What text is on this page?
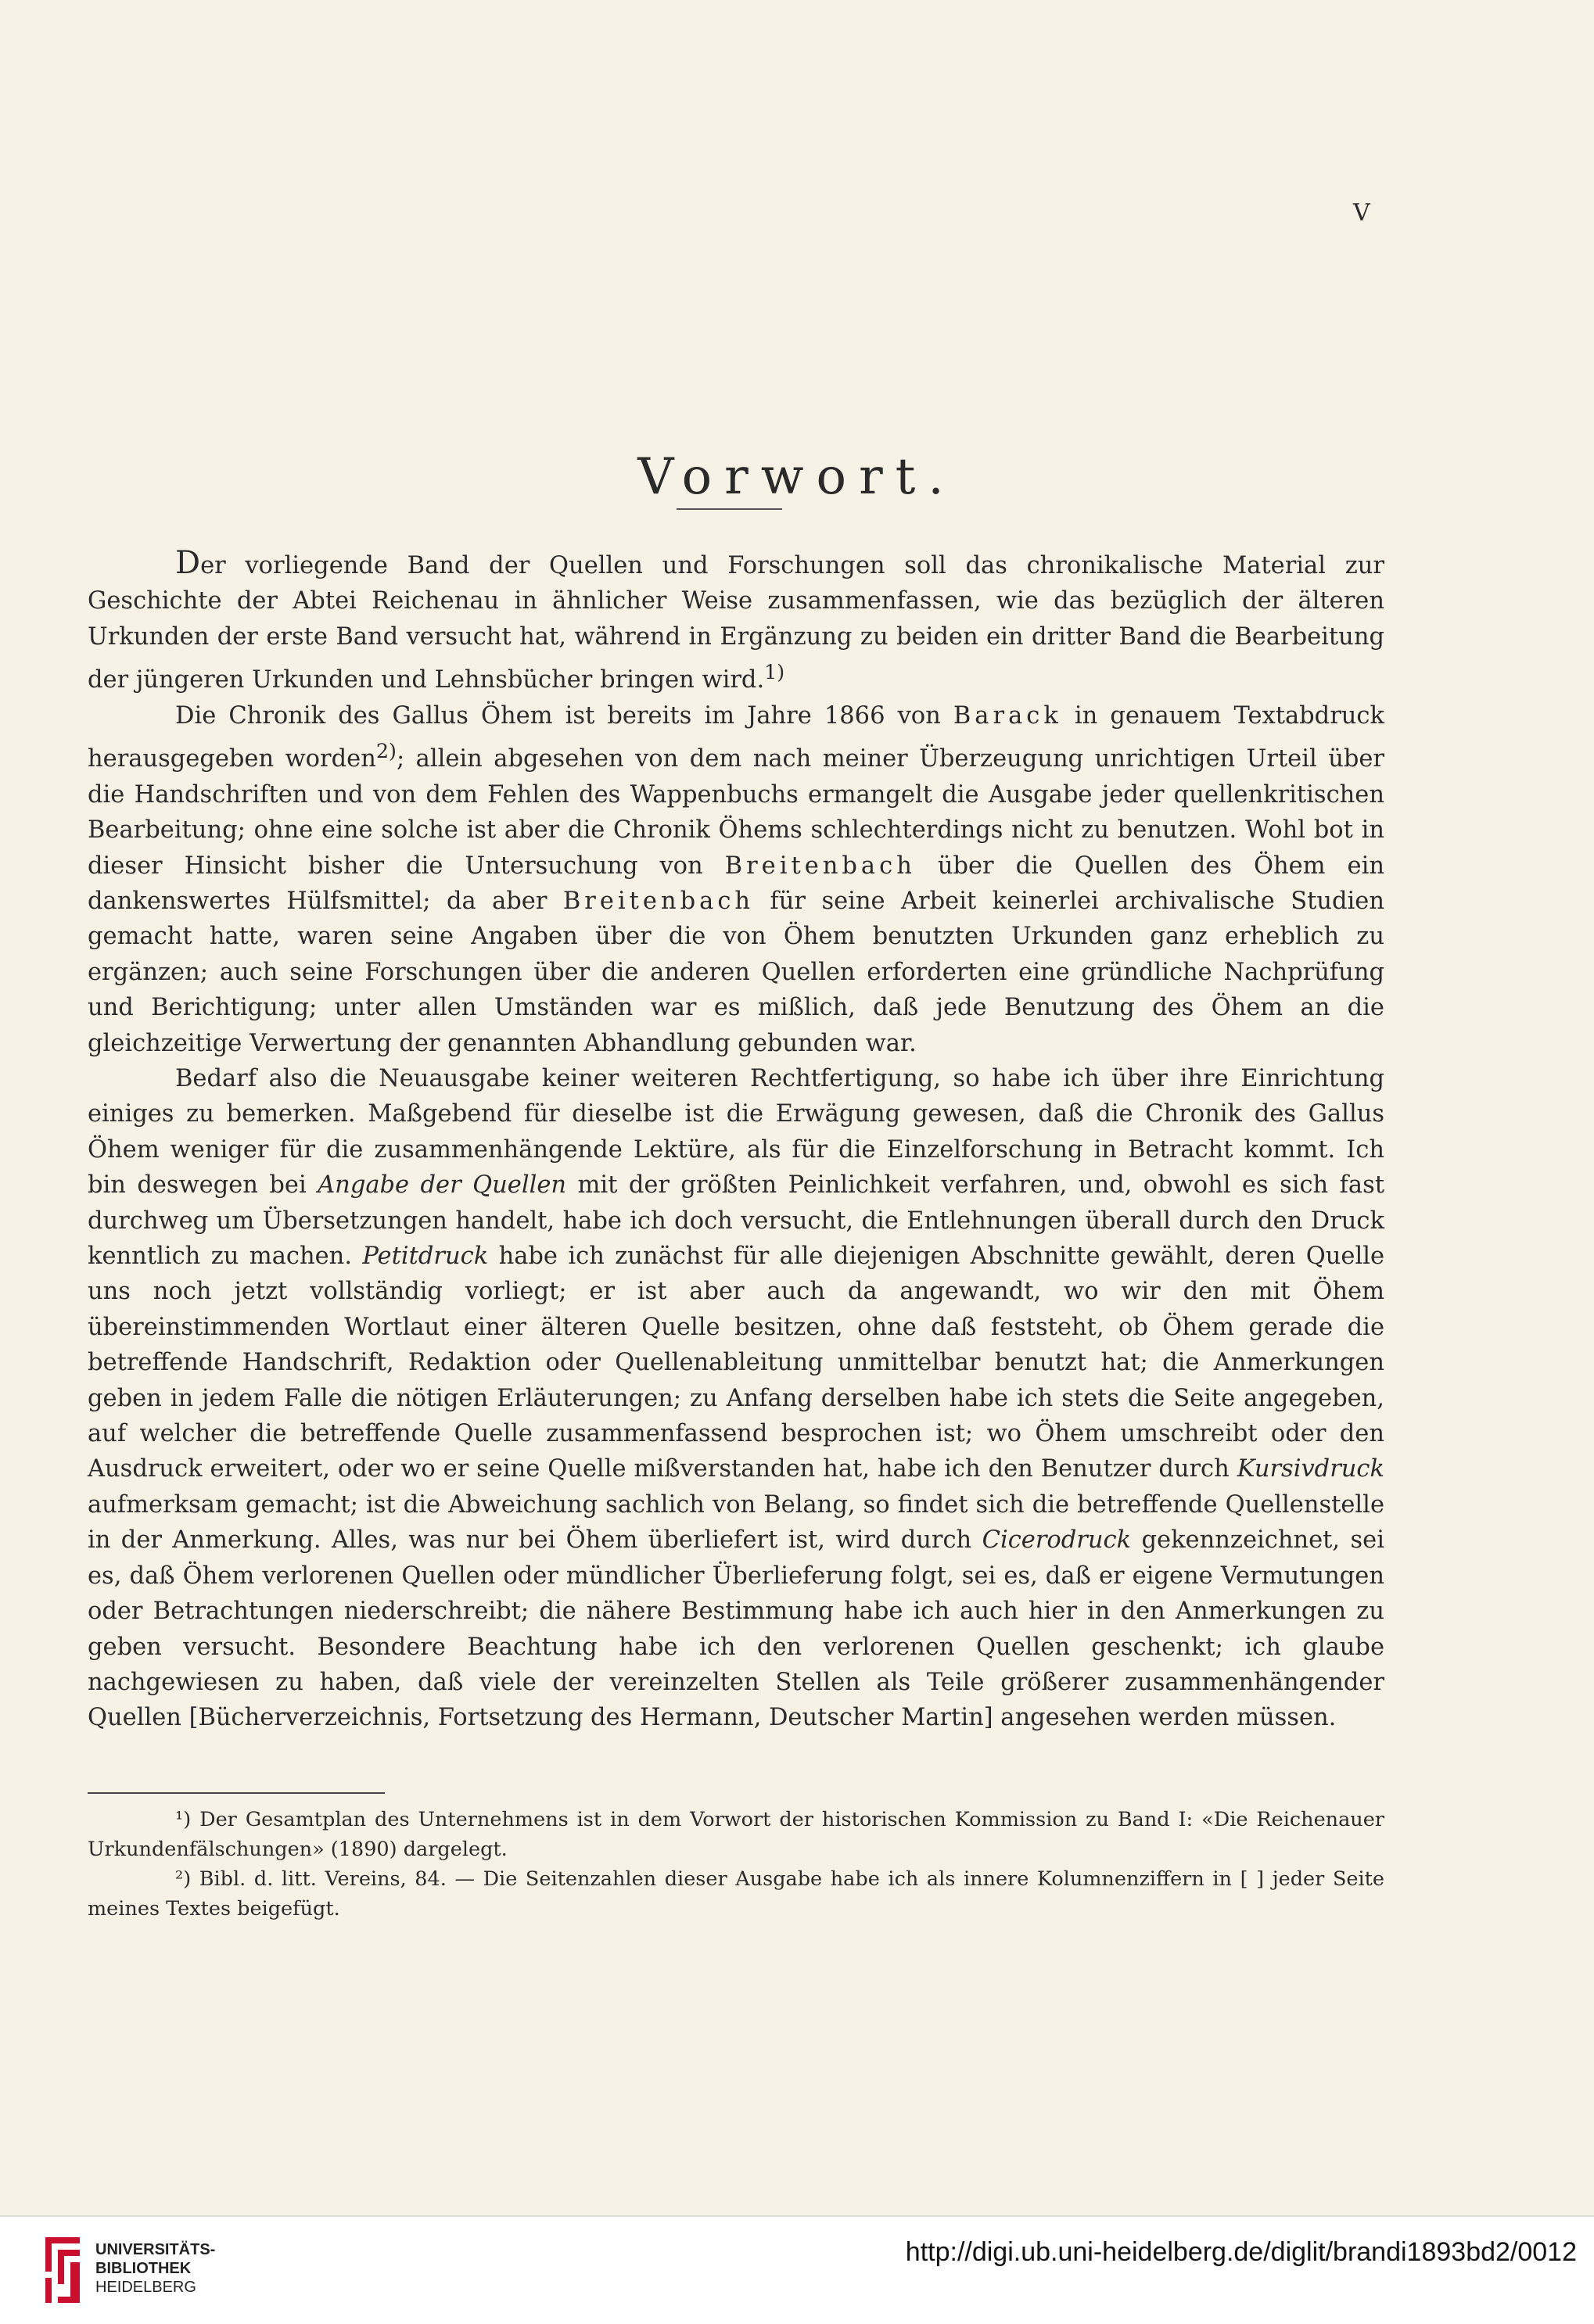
V
Vorwort.

Der vorliegende Band der Quellen und Forschungen soll das chronikalische Material zur Geschichte der Abtei Reichenau in ähnlicher Weise zusammenfassen, wie das bezüglich der älteren Urkunden der erste Band versucht hat, während in Ergänzung zu beiden ein dritter Band die Bearbeitung der jüngeren Urkunden und Lehnsbücher bringen wird.$^{1)}$

Die Chronik des Gallus Öhem ist bereits im Jahre 1866 von Barack in genauem Textabdruck herausgegeben worden$^{2)}$; allein abgesehen von dem nach meiner Überzeugung unrichtigen Urteil über die Handschriften und von dem Fehlen des Wappenbuchs ermangelt die Ausgabe jeder quellenkritischen Bearbeitung; ohne eine solche ist aber die Chronik Öhems schlechterdings nicht zu benutzen. Wohl bot in dieser Hinsicht bisher die Untersuchung von Breitenbach über die Quellen des Öhem ein dankenswertes Hülfsmittel; da aber Breitenbach für seine Arbeit keinerlei archivalische Studien gemacht hatte, waren seine Angaben über die von Öhem benutzten Urkunden ganz erheblich zu ergänzen; auch seine Forschungen über die anderen Quellen erforderten eine gründliche Nachprüfung und Berichtigung; unter allen Umständen war es mißlich, daß jede Benutzung des Öhem an die gleichzeitige Verwertung der genannten Abhandlung gebunden war.

Bedarf also die Neuausgabe keiner weiteren Rechtfertigung, so habe ich über ihre Einrichtung einiges zu bemerken. Maßgebend für dieselbe ist die Erwägung gewesen, daß die Chronik des Gallus Öhem weniger für die zusammenhängende Lektüre, als für die Einzelforschung in Betracht kommt. Ich bin deswegen bei Angabe der Quellen mit der größten Peinlichkeit verfahren, und, obwohl es sich fast durchweg um Übersetzungen handelt, habe ich doch versucht, die Entlehnungen überall durch den Druck kenntlich zu machen. Petitdruck habe ich zunächst für alle diejenigen Abschnitte gewählt, deren Quelle uns noch jetzt vollständig vorliegt; er ist aber auch da angewandt, wo wir den mit Öhem übereinstimmenden Wortlaut einer älteren Quelle besitzen, ohne daß feststeht, ob Öhem gerade die betreffende Handschrift, Redaktion oder Quellenableitung unmittelbar benutzt hat; die Anmerkungen geben in jedem Falle die nötigen Erläuterungen; zu Anfang derselben habe ich stets die Seite angegeben, auf welcher die betreffende Quelle zusammenfassend besprochen ist; wo Öhem umschreibt oder den Ausdruck erweitert, oder wo er seine Quelle mißverstanden hat, habe ich den Benutzer durch Kursivdruck aufmerksam gemacht; ist die Abweichung sachlich von Belang, so findet sich die betreffende Quellenstelle in der Anmerkung. Alles, was nur bei Öhem überliefert ist, wird durch Cicerodruck gekennzeichnet, sei es, daß Öhem verlorenen Quellen oder mündlicher Überlieferung folgt, sei es, daß er eigene Vermutungen oder Betrachtungen niederschreibt; die nähere Bestimmung habe ich auch hier in den Anmerkungen zu geben versucht. Besondere Beachtung habe ich den verlorenen Quellen geschenkt; ich glaube nachgewiesen zu haben, daß viele der vereinzelten Stellen als Teile größerer zusammenhängender Quellen [Bücherverzeichnis, Fortsetzung des Hermann, Deutscher Martin] angesehen werden müssen.

¹) Der Gesamtplan des Unternehmens ist in dem Vorwort der historischen Kommission zu Band I: «Die Reichenauer Urkundenfälschungen» (1890) dargelegt.

²) Bibl. d. litt. Vereins, 84. — Die Seitenzahlen dieser Ausgabe habe ich als innere Kolumnenziffern in [ ] jeder Seite meines Textes beigefügt.

UNIVERSITÄTS-
BIBLIOTHEK
HEIDELBERG
http://digi.ub.uni-heidelberg.de/diglit/brandi1893bd2/0012
